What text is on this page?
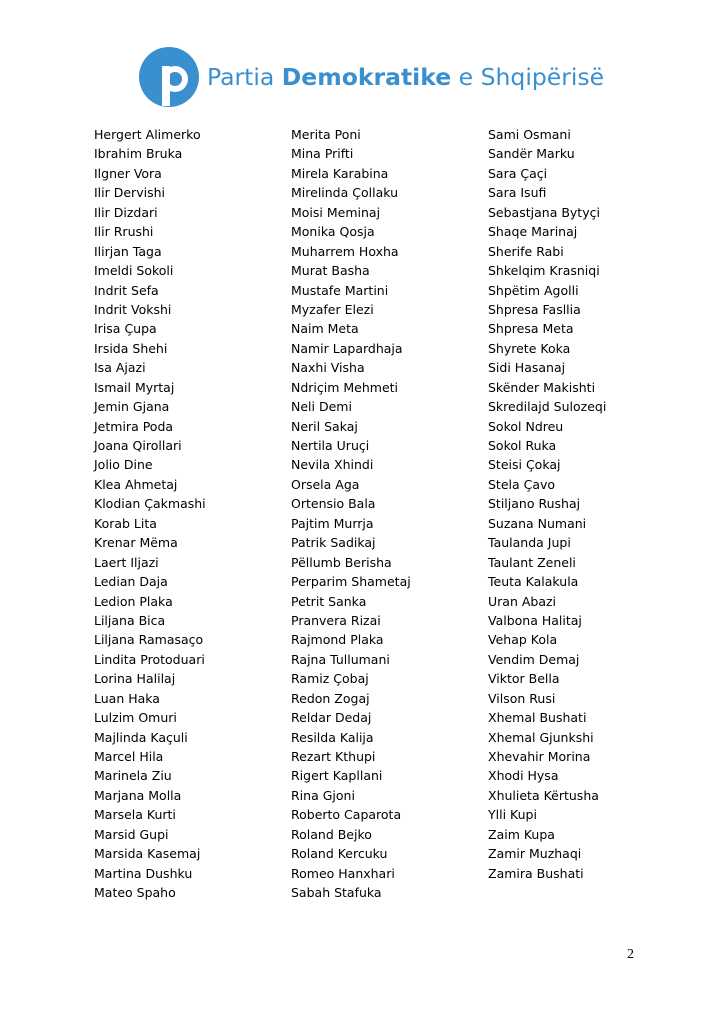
Partia Demokratike e Shqipërisë
Hergert Alimerko
Ibrahim Bruka
Ilgner Vora
Ilir Dervishi
Ilir Dizdari
Ilir Rrushi
Ilirjan Taga
Imeldi Sokoli
Indrit Sefa
Indrit Vokshi
Irisa Çupa
Irsida Shehi
Isa Ajazi
Ismail Myrtaj
Jemin Gjana
Jetmira Poda
Joana Qirollari
Jolio Dine
Klea Ahmetaj
Klodian Çakmashi
Korab Lita
Krenar Mëma
Laert Iljazi
Ledian Daja
Ledion Plaka
Liljana Bica
Liljana Ramasaço
Lindita Protoduari
Lorina Halilaj
Luan Haka
Lulzim Omuri
Majlinda Kaçuli
Marcel Hila
Marinela Ziu
Marjana Molla
Marsela Kurti
Marsid Gupi
Marsida Kasemaj
Martina Dushku
Mateo Spaho
Merita Poni
Mina Prifti
Mirela Karabina
Mirelinda Çollaku
Moisi Meminaj
Monika Qosja
Muharrem Hoxha
Murat Basha
Mustafe Martini
Myzafer Elezi
Naim Meta
Namir Lapardhaja
Naxhi Visha
Ndriçim Mehmeti
Neli Demi
Neril Sakaj
Nertila Uruçi
Nevila Xhindi
Orsela Aga
Ortensio Bala
Pajtim Murrja
Patrik Sadikaj
Pëllumb Berisha
Perparim Shametaj
Petrit Sanka
Pranvera Rizai
Rajmond Plaka
Rajna Tullumani
Ramiz Çobaj
Redon Zogaj
Reldar Dedaj
Resilda Kalija
Rezart Kthupi
Rigert Kapllani
Rina Gjoni
Roberto Caparota
Roland Bejko
Roland Kercuku
Romeo Hanxhari
Sabah Stafuka
Sami Osmani
Sandër Marku
Sara Çaçi
Sara Isufi
Sebastjana Bytyçi
Shaqe Marinaj
Sherife Rabi
Shkelqim Krasniqi
Shpëtim Agolli
Shpresa Fasllia
Shpresa Meta
Shyrete Koka
Sidi Hasanaj
Skënder Makishti
Skredilajd Sulozeqi
Sokol Ndreu
Sokol Ruka
Steisi Çokaj
Stela Çavo
Stiljano Rushaj
Suzana Numani
Taulanda Jupi
Taulant Zeneli
Teuta Kalakula
Uran Abazi
Valbona Halitaj
Vehap Kola
Vendim Demaj
Viktor Bella
Vilson Rusi
Xhemal Bushati
Xhemal Gjunkshi
Xhevahir Morina
Xhodi Hysa
Xhulieta Kërtusha
Ylli Kupi
Zaim Kupa
Zamir Muzhaqi
Zamira Bushati
2
